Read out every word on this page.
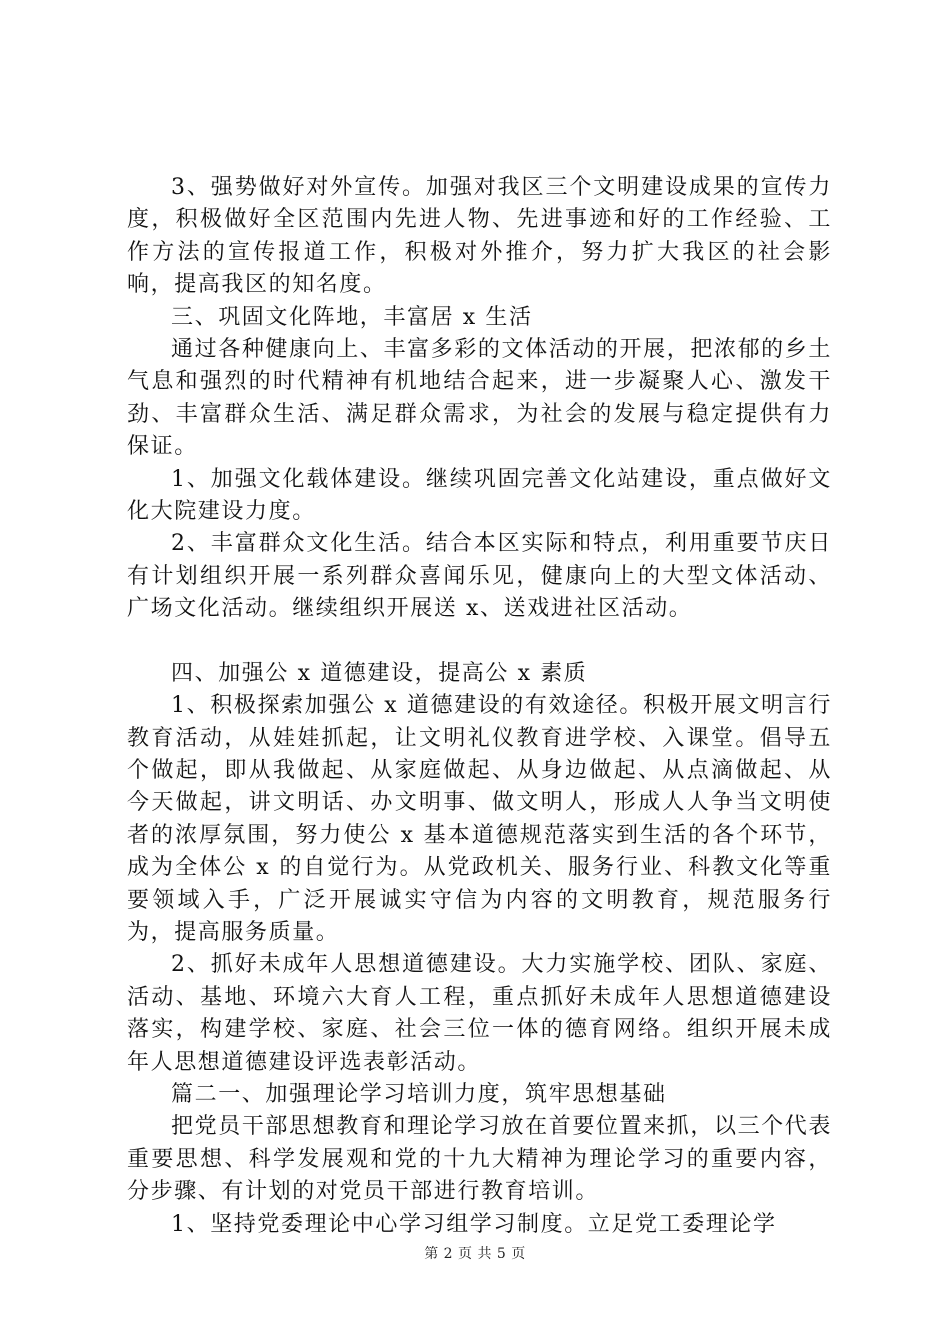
3、强势做好对外宣传。加强对我区三个文明建设成果的宣传力度，积极做好全区范围内先进人物、先进事迹和好的工作经验、工作方法的宣传报道工作，积极对外推介，努力扩大我区的社会影响，提高我区的知名度。

三、巩固文化阵地，丰富居 x 生活

通过各种健康向上、丰富多彩的文体活动的开展，把浓郁的乡土气息和强烈的时代精神有机地结合起来，进一步凝聚人心、激发干劲、丰富群众生活、满足群众需求，为社会的发展与稳定提供有力保证。

1、加强文化载体建设。继续巩固完善文化站建设，重点做好文化大院建设力度。

2、丰富群众文化生活。结合本区实际和特点，利用重要节庆日有计划组织开展一系列群众喜闻乐见，健康向上的大型文体活动、广场文化活动。继续组织开展送 x、送戏进社区活动。

四、加强公 x 道德建设，提高公 x 素质

1、积极探索加强公 x 道德建设的有效途径。积极开展文明言行教育活动，从娃娃抓起，让文明礼仪教育进学校、入课堂。倡导五个做起，即从我做起、从家庭做起、从身边做起、从点滴做起、从今天做起，讲文明话、办文明事、做文明人，形成人人争当文明使者的浓厚氛围，努力使公 x 基本道德规范落实到生活的各个环节，成为全体公 x 的自觉行为。从党政机关、服务行业、科教文化等重要领域入手，广泛开展诚实守信为内容的文明教育，规范服务行为，提高服务质量。

2、抓好未成年人思想道德建设。大力实施学校、团队、家庭、活动、基地、环境六大育人工程，重点抓好未成年人思想道德建设落实，构建学校、家庭、社会三位一体的德育网络。组织开展未成年人思想道德建设评选表彰活动。

篇二一、加强理论学习培训力度，筑牢思想基础

把党员干部思想教育和理论学习放在首要位置来抓，以三个代表重要思想、科学发展观和党的十九大精神为理论学习的重要内容，分步骤、有计划的对党员干部进行教育培训。

1、坚持党委理论中心学习组学习制度。立足党工委理论学

第 2 页 共 5 页
